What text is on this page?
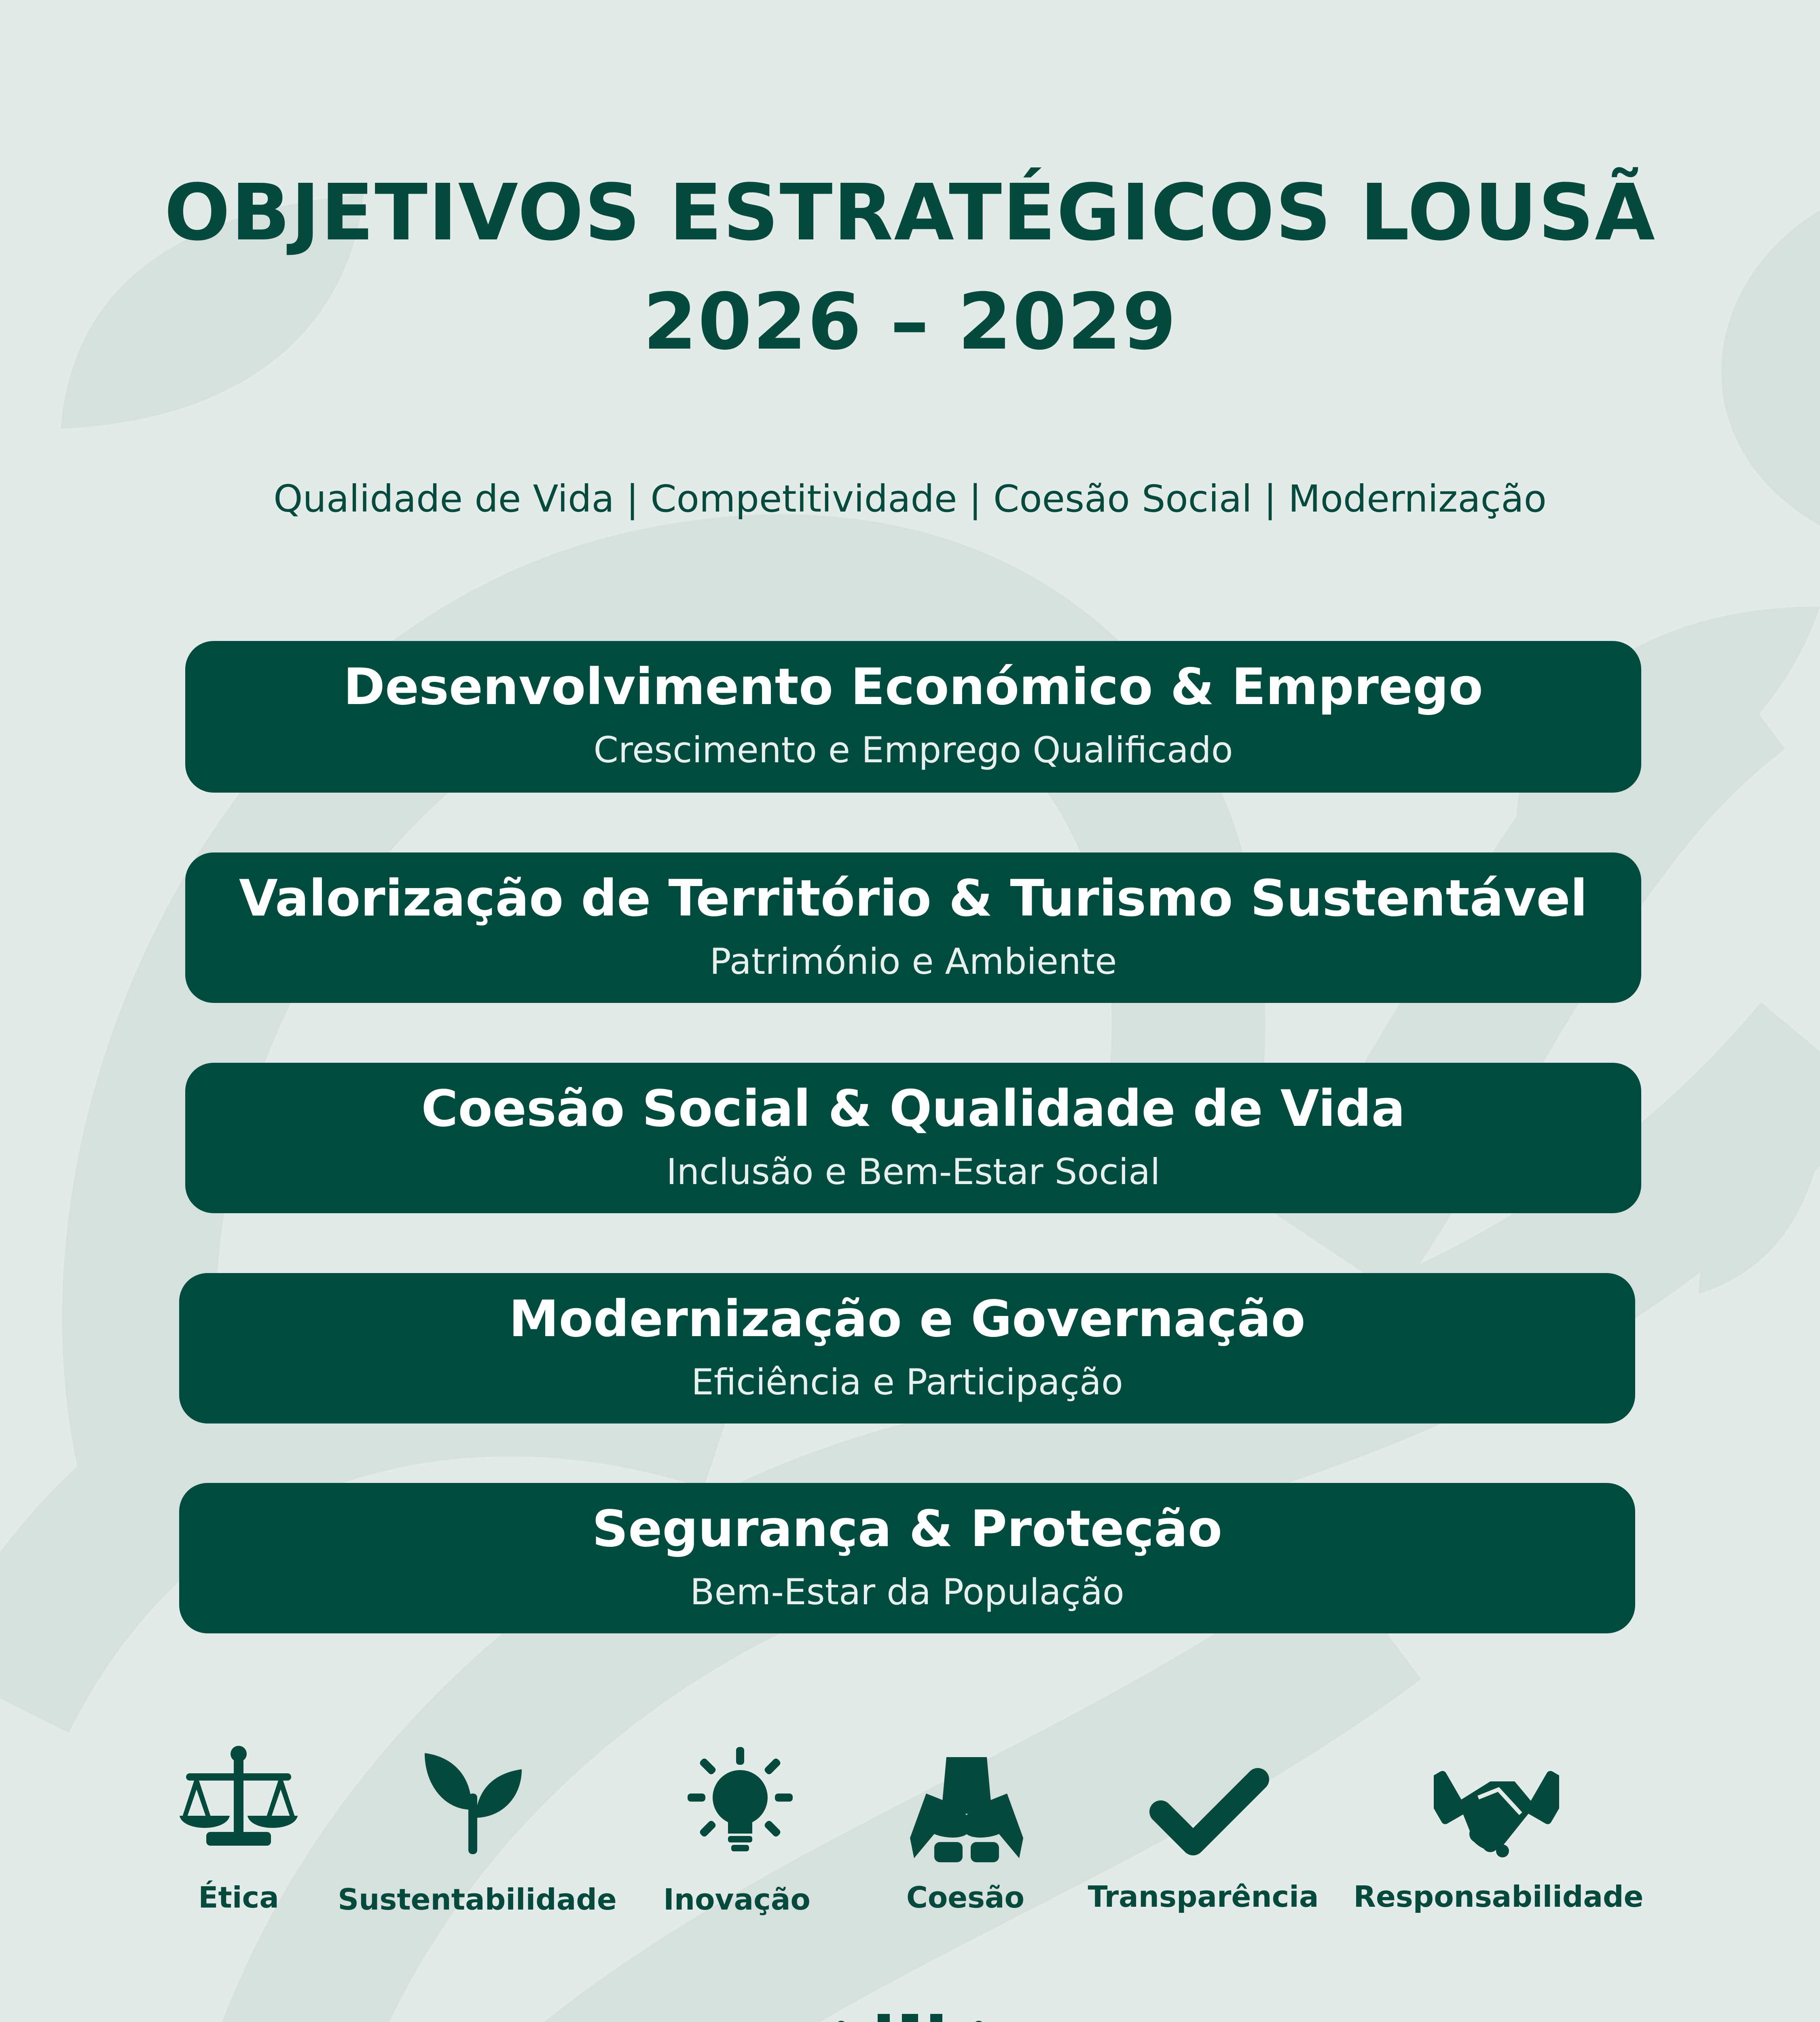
OBJETIVOS ESTRATÉGICOS LOUSÃ
2026 – 2029
Qualidade de Vida | Competitividade | Coesão Social | Modernização
Desenvolvimento Económico & Emprego
Crescimento e Emprego Qualificado
Valorização de Território & Turismo Sustentável
Património e Ambiente
Coesão Social & Qualidade de Vida
Inclusão e Bem-Estar Social
Modernização e Governação
Eficiência e Participação
Segurança & Proteção
Bem-Estar da População
Ética Sustentabilidade Inovação	Coesão Transparência Responsabilidade
